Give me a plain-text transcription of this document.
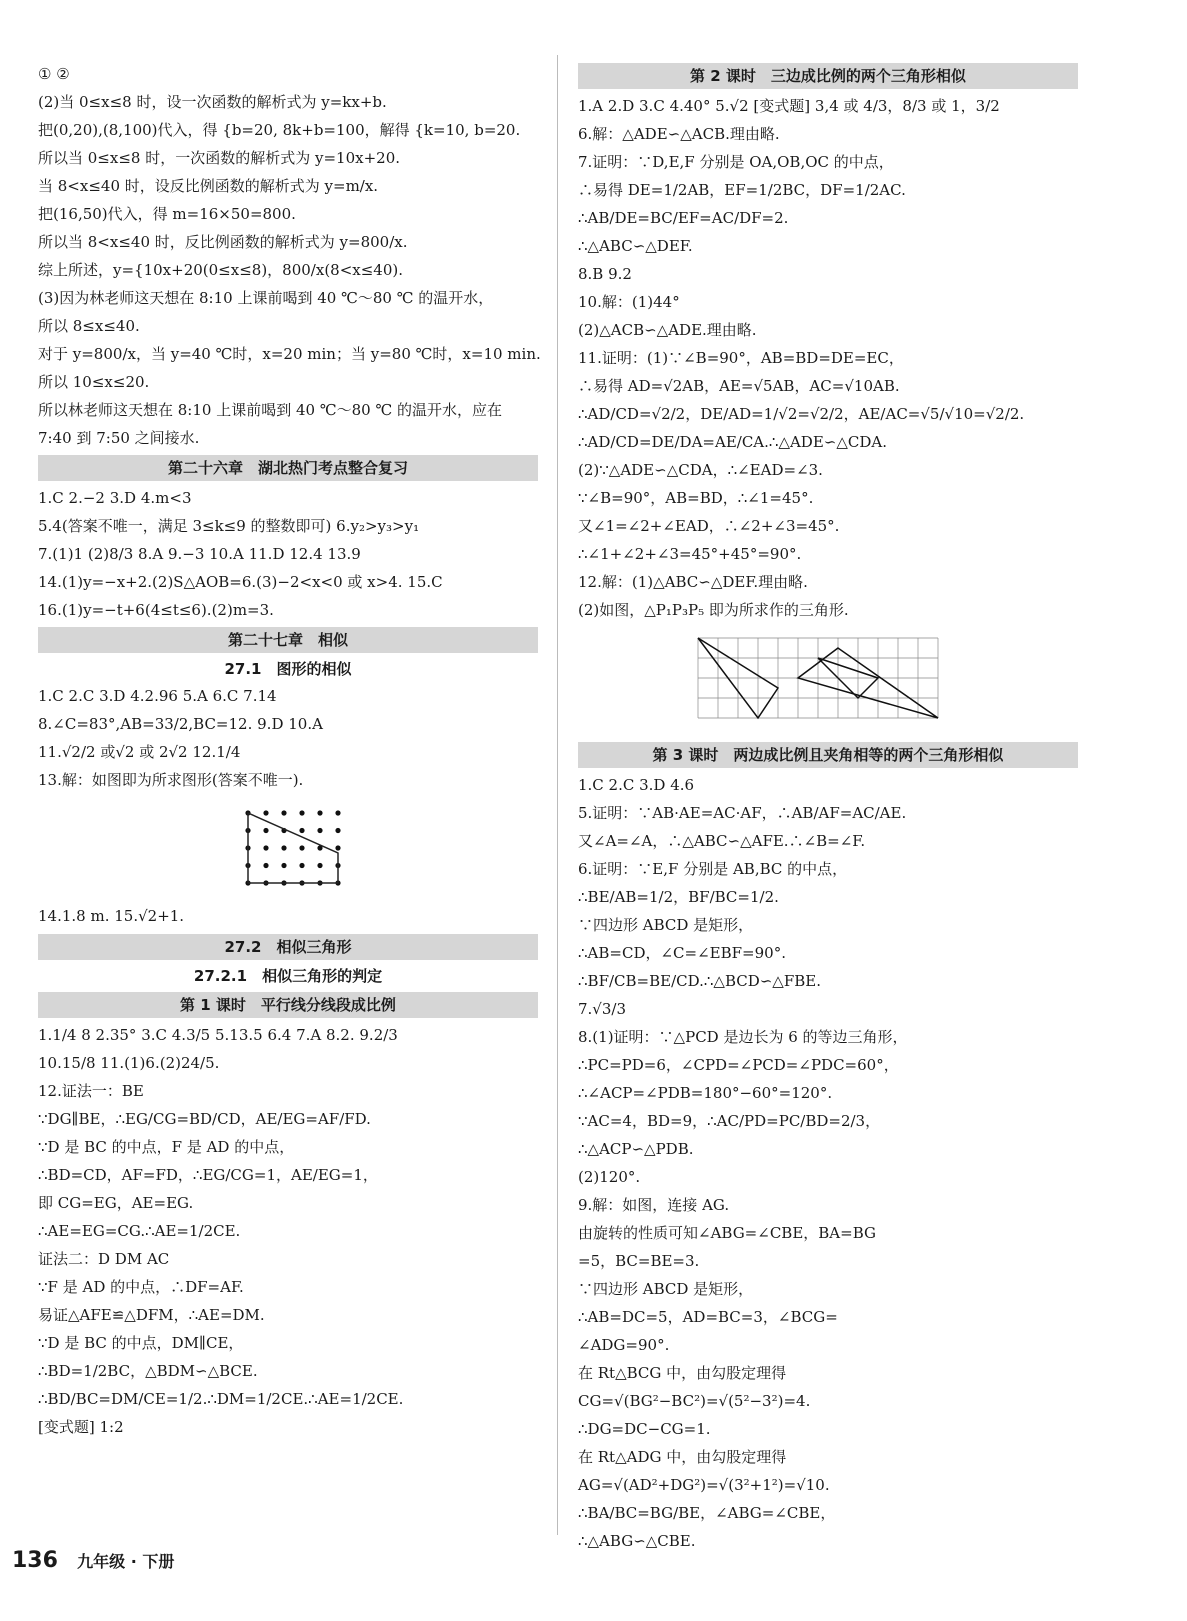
① ②
(2)当 0≤x≤8 时，设一次函数的解析式为 y=kx+b.
把(0,20),(8,100)代入，得 {b=20, 8k+b=100，解得 {k=10, b=20.
所以当 0≤x≤8 时，一次函数的解析式为 y=10x+20.
当 8<x≤40 时，设反比例函数的解析式为 y=m/x.
把(16,50)代入，得 m=16×50=800.
所以当 8<x≤40 时，反比例函数的解析式为 y=800/x.
综上所述，y={10x+20(0≤x≤8)，800/x(8<x≤40).
(3)因为林老师这天想在 8:10 上课前喝到 40 ℃～80 ℃ 的温开水，
所以 8≤x≤40.
对于 y=800/x，当 y=40 ℃时，x=20 min；当 y=80 ℃时，x=10 min.
所以 10≤x≤20.
所以林老师这天想在 8:10 上课前喝到 40 ℃～80 ℃ 的温开水，应在
7:40 到 7:50 之间接水.
第二十六章　湖北热门考点整合复习
1.C 2.−2 3.D 4.m<3
5.4(答案不唯一，满足 3≤k≤9 的整数即可) 6.y₂>y₃>y₁
7.(1)1 (2)8/3 8.A 9.−3 10.A 11.D 12.4 13.9
14.(1)y=−x+2.(2)S△AOB=6.(3)−2<x<0 或 x>4. 15.C
16.(1)y=−t+6(4≤t≤6).(2)m=3.
第二十七章　相似
27.1　图形的相似
1.C 2.C 3.D 4.2.96 5.A 6.C 7.14
8.∠C=83°,AB=33/2,BC=12. 9.D 10.A
11.√2/2 或√2 或 2√2 12.1/4
13.解：如图即为所求图形(答案不唯一).
14.1.8 m. 15.√2+1.
27.2　相似三角形
27.2.1　相似三角形的判定
第 1 课时　平行线分线段成比例
1.1/4 8 2.35° 3.C 4.3/5 5.13.5 6.4 7.A 8.2. 9.2/3
10.15/8 11.(1)6.(2)24/5.
12.证法一：BE
∵DG∥BE，∴EG/CG=BD/CD，AE/EG=AF/FD.
∵D 是 BC 的中点，F 是 AD 的中点，
∴BD=CD，AF=FD，∴EG/CG=1，AE/EG=1，
即 CG=EG，AE=EG.
∴AE=EG=CG.∴AE=1/2CE.
证法二：D DM AC
∵F 是 AD 的中点，∴DF=AF.
易证△AFE≌△DFM，∴AE=DM.
∵D 是 BC 的中点，DM∥CE，
∴BD=1/2BC，△BDM∽△BCE.
∴BD/BC=DM/CE=1/2.∴DM=1/2CE.∴AE=1/2CE.
[变式题] 1:2
第 2 课时　三边成比例的两个三角形相似
1.A 2.D 3.C 4.40° 5.√2 [变式题] 3,4 或 4/3，8/3 或 1，3/2
6.解：△ADE∽△ACB.理由略.
7.证明：∵D,E,F 分别是 OA,OB,OC 的中点，
∴易得 DE=1/2AB，EF=1/2BC，DF=1/2AC.
∴AB/DE=BC/EF=AC/DF=2.
∴△ABC∽△DEF.
8.B 9.2
10.解：(1)44°
(2)△ACB∽△ADE.理由略.
11.证明：(1)∵∠B=90°，AB=BD=DE=EC，
∴易得 AD=√2AB，AE=√5AB，AC=√10AB.
∴AD/CD=√2/2，DE/AD=1/√2=√2/2，AE/AC=√5/√10=√2/2.
∴AD/CD=DE/DA=AE/CA.∴△ADE∽△CDA.
(2)∵△ADE∽△CDA，∴∠EAD=∠3.
∵∠B=90°，AB=BD，∴∠1=45°.
又∠1=∠2+∠EAD，∴∠2+∠3=45°.
∴∠1+∠2+∠3=45°+45°=90°.
12.解：(1)△ABC∽△DEF.理由略.
(2)如图，△P₁P₃P₅ 即为所求作的三角形.
第 3 课时　两边成比例且夹角相等的两个三角形相似
1.C 2.C 3.D 4.6
5.证明：∵AB·AE=AC·AF，∴AB/AF=AC/AE.
又∠A=∠A，∴△ABC∽△AFE.∴∠B=∠F.
6.证明：∵E,F 分别是 AB,BC 的中点，
∴BE/AB=1/2，BF/BC=1/2.
∵四边形 ABCD 是矩形，
∴AB=CD，∠C=∠EBF=90°.
∴BF/CB=BE/CD.∴△BCD∽△FBE.
7.√3/3
8.(1)证明：∵△PCD 是边长为 6 的等边三角形，
∴PC=PD=6，∠CPD=∠PCD=∠PDC=60°，
∴∠ACP=∠PDB=180°−60°=120°.
∵AC=4，BD=9，∴AC/PD=PC/BD=2/3，
∴△ACP∽△PDB.
(2)120°.
9.解：如图，连接 AG.
由旋转的性质可知∠ABG=∠CBE，BA=BG
=5，BC=BE=3.
∵四边形 ABCD 是矩形，
∴AB=DC=5，AD=BC=3，∠BCG=
∠ADG=90°.
在 Rt△BCG 中，由勾股定理得
CG=√(BG²−BC²)=√(5²−3²)=4.
∴DG=DC−CG=1.
在 Rt△ADG 中，由勾股定理得
AG=√(AD²+DG²)=√(3²+1²)=√10.
∴BA/BC=BG/BE，∠ABG=∠CBE，
∴△ABG∽△CBE.
136 九年级 · 下册
